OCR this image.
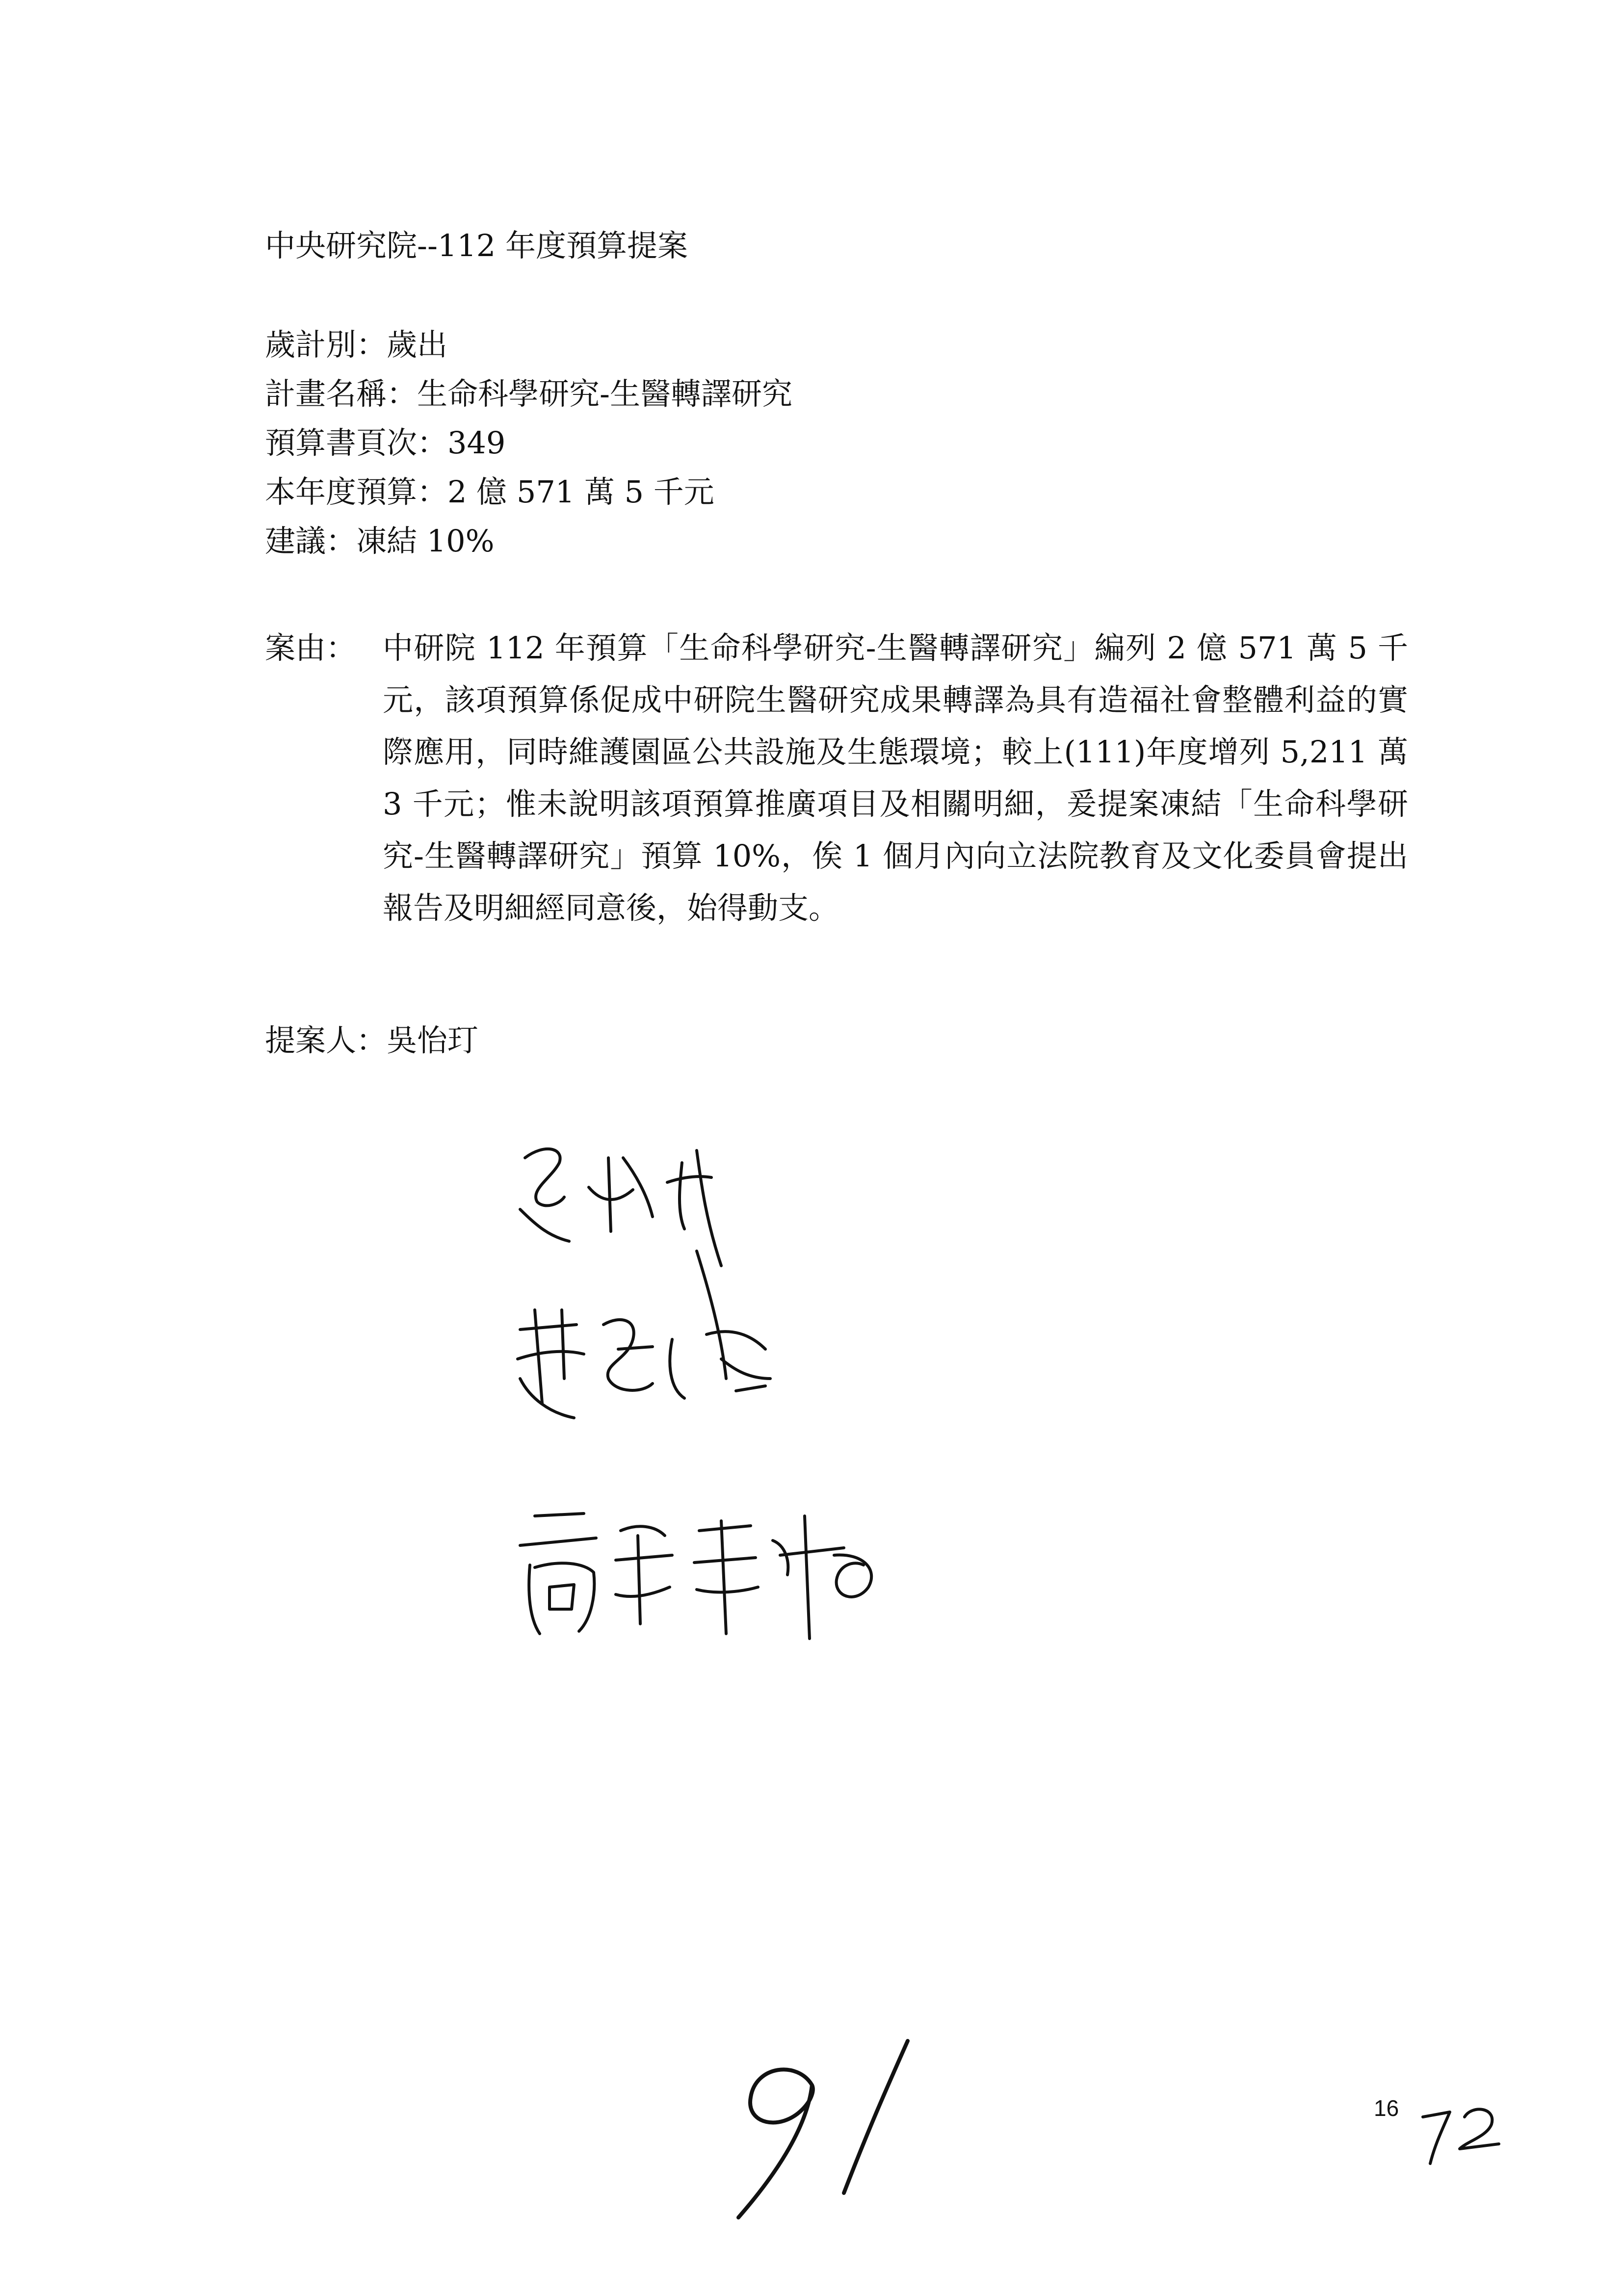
中央研究院--112 年度預算提案
歲計別：歲出
計畫名稱：生命科學研究-生醫轉譯研究
預算書頁次：349
本年度預算：2 億 571 萬 5 千元
建議：凍結 10%
案由： 中研院 112 年預算「生命科學研究-生醫轉譯研究」編列 2 億 571 萬 5 千元，該項預算係促成中研院生醫研究成果轉譯為具有造福社會整體利益的實際應用，同時維護園區公共設施及生態環境；較上(111)年度增列 5,211 萬 3 千元；惟未說明該項預算推廣項目及相關明細，爰提案凍結「生命科學研究-生醫轉譯研究」預算 10%，俟 1 個月內向立法院教育及文化委員會提出報告及明細經同意後，始得動支。
提案人：吳怡玎
16
